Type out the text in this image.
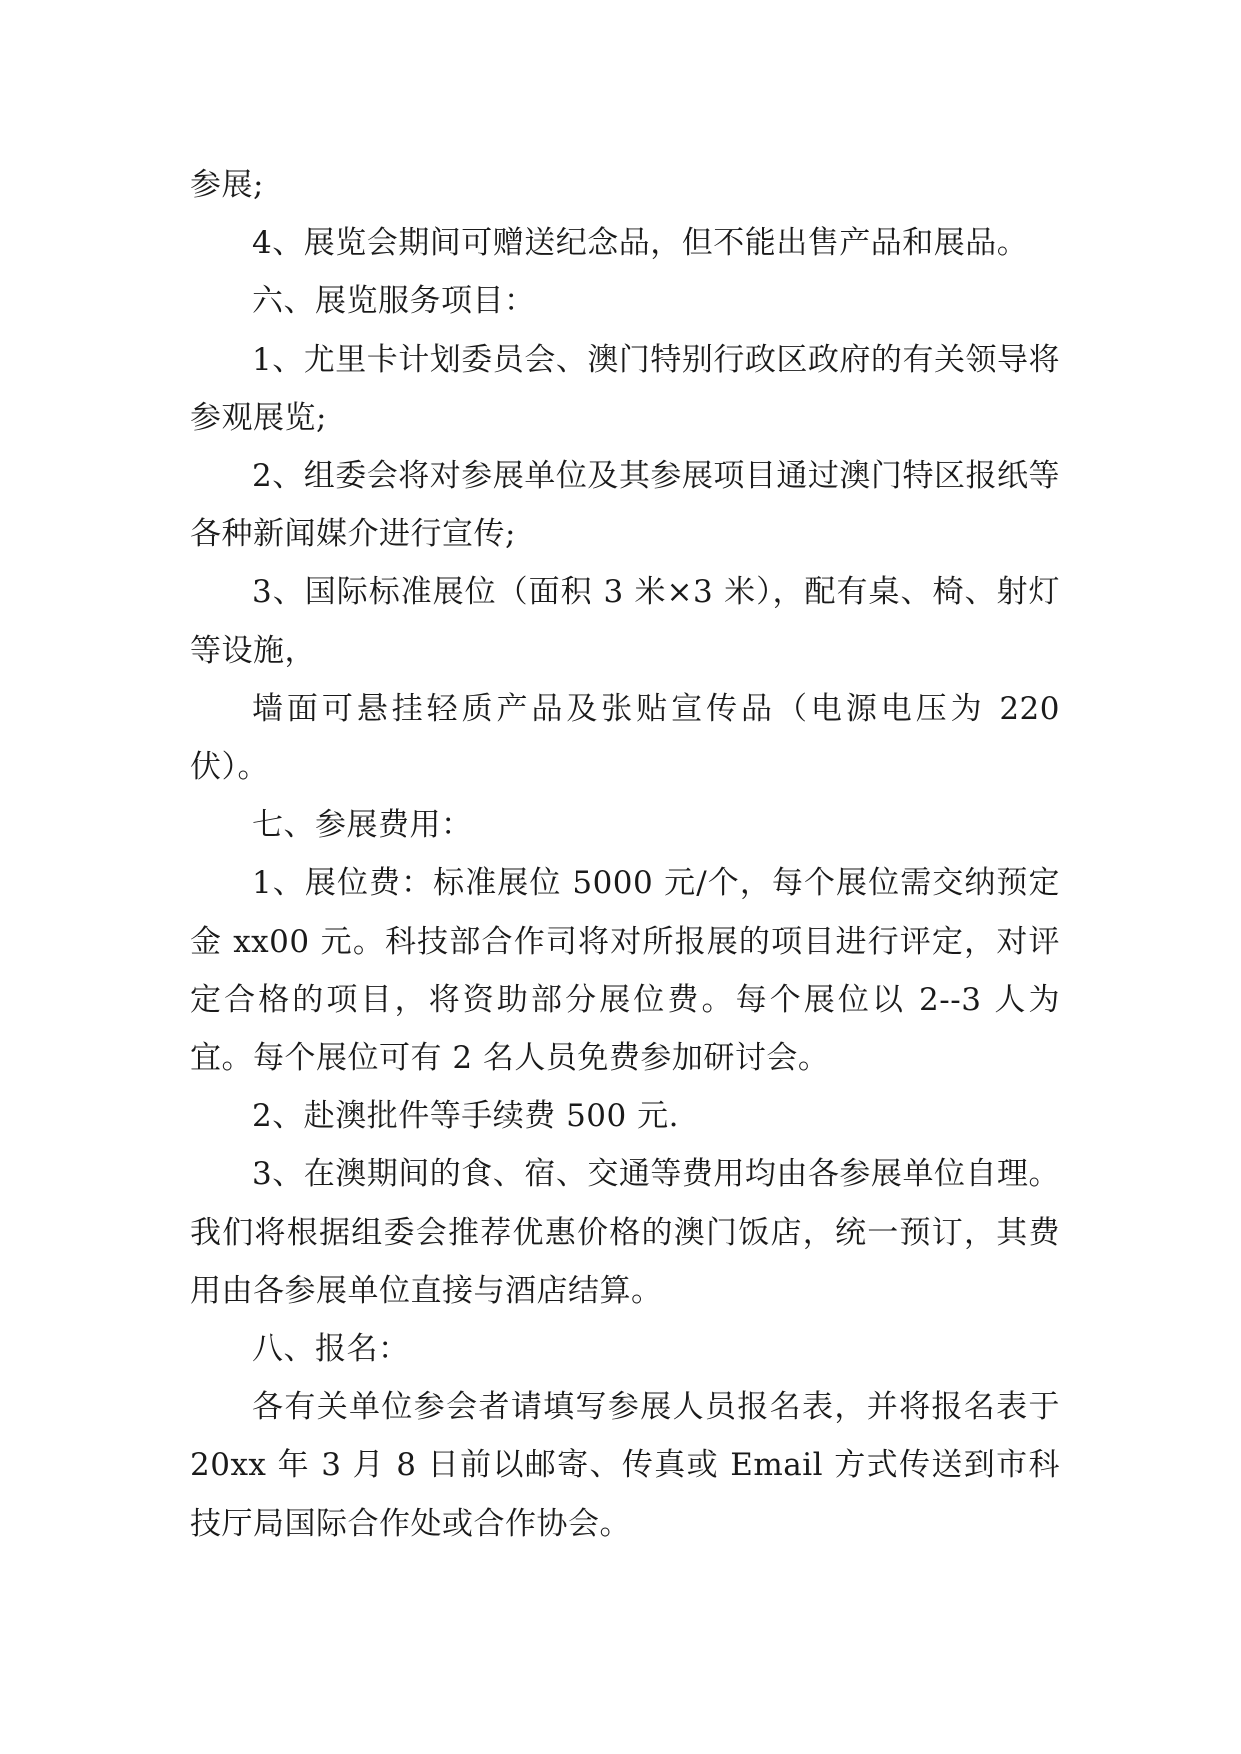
参展;

4、展览会期间可赠送纪念品，但不能出售产品和展品。

六、展览服务项目：

1、尤里卡计划委员会、澳门特别行政区政府的有关领导将参观展览;

2、组委会将对参展单位及其参展项目通过澳门特区报纸等各种新闻媒介进行宣传;

3、国际标准展位（面积 3 米×3 米），配有桌、椅、射灯等设施，

墙面可悬挂轻质产品及张贴宣传品（电源电压为 220 伏）。

七、参展费用：

1、展位费：标准展位 5000 元/个，每个展位需交纳预定金 xx00 元。科技部合作司将对所报展的项目进行评定，对评定合格的项目，将资助部分展位费。每个展位以 2--3 人为宜。每个展位可有 2 名人员免费参加研讨会。

2、赴澳批件等手续费 500 元.

3、在澳期间的食、宿、交通等费用均由各参展单位自理。我们将根据组委会推荐优惠价格的澳门饭店，统一预订，其费用由各参展单位直接与酒店结算。

八、报名：

各有关单位参会者请填写参展人员报名表，并将报名表于 20xx 年 3 月 8 日前以邮寄、传真或 Email 方式传送到市科技厅局国际合作处或合作协会。
